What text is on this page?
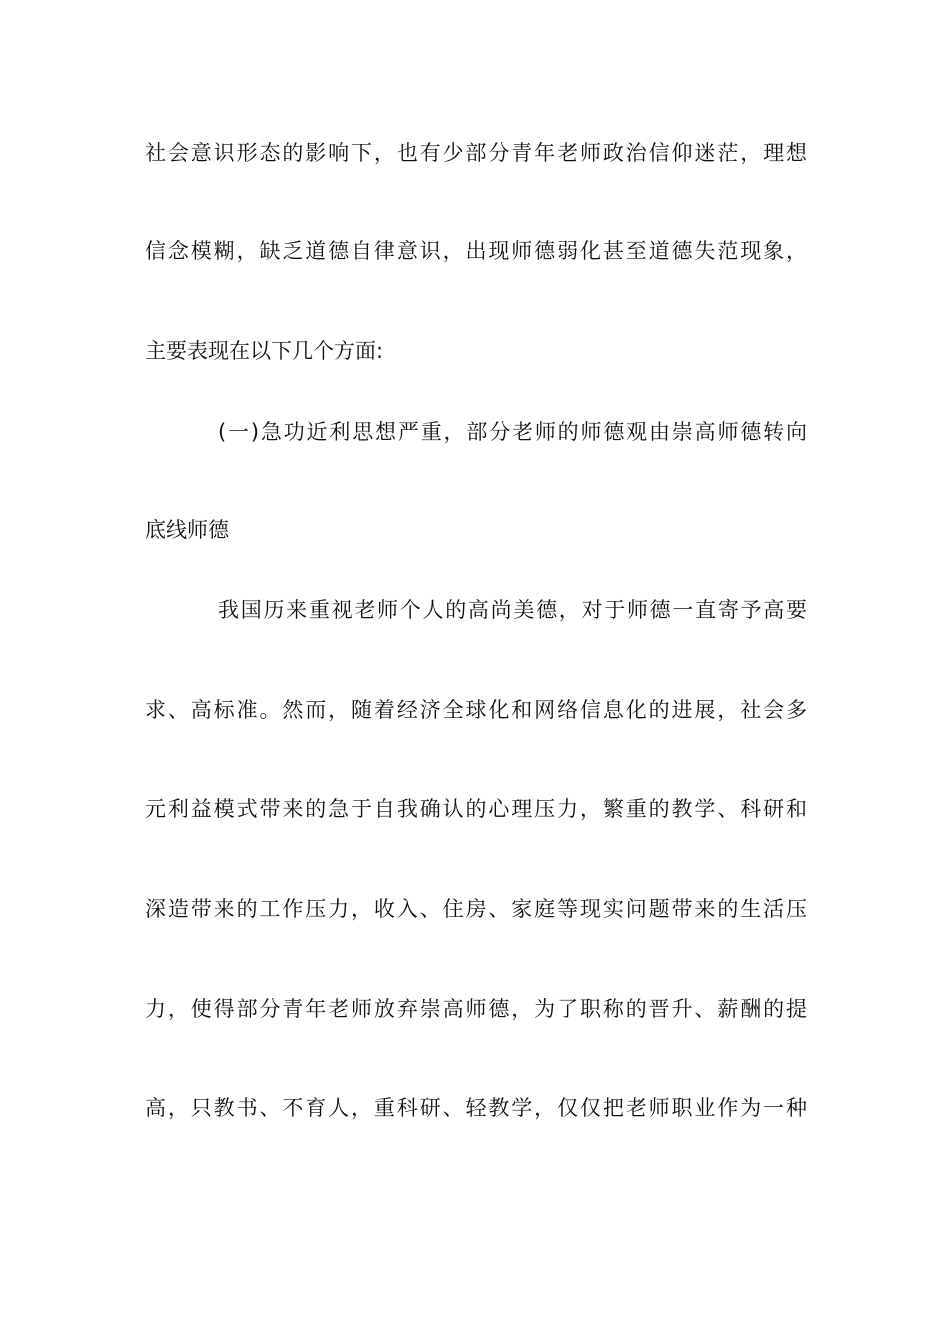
社会意识形态的影响下，也有少部分青年老师政治信仰迷茫，理想
信念模糊，缺乏道德自律意识，出现师德弱化甚至道德失范现象，
主要表现在以下几个方面:
(一)急功近利思想严重，部分老师的师德观由崇高师德转向
底线师德
我国历来重视老师个人的高尚美德，对于师德一直寄予高要
求、高标准。然而，随着经济全球化和网络信息化的进展，社会多
元利益模式带来的急于自我确认的心理压力，繁重的教学、科研和
深造带来的工作压力，收入、住房、家庭等现实问题带来的生活压
力，使得部分青年老师放弃崇高师德，为了职称的晋升、薪酬的提
高，只教书、不育人，重科研、轻教学，仅仅把老师职业作为一种
